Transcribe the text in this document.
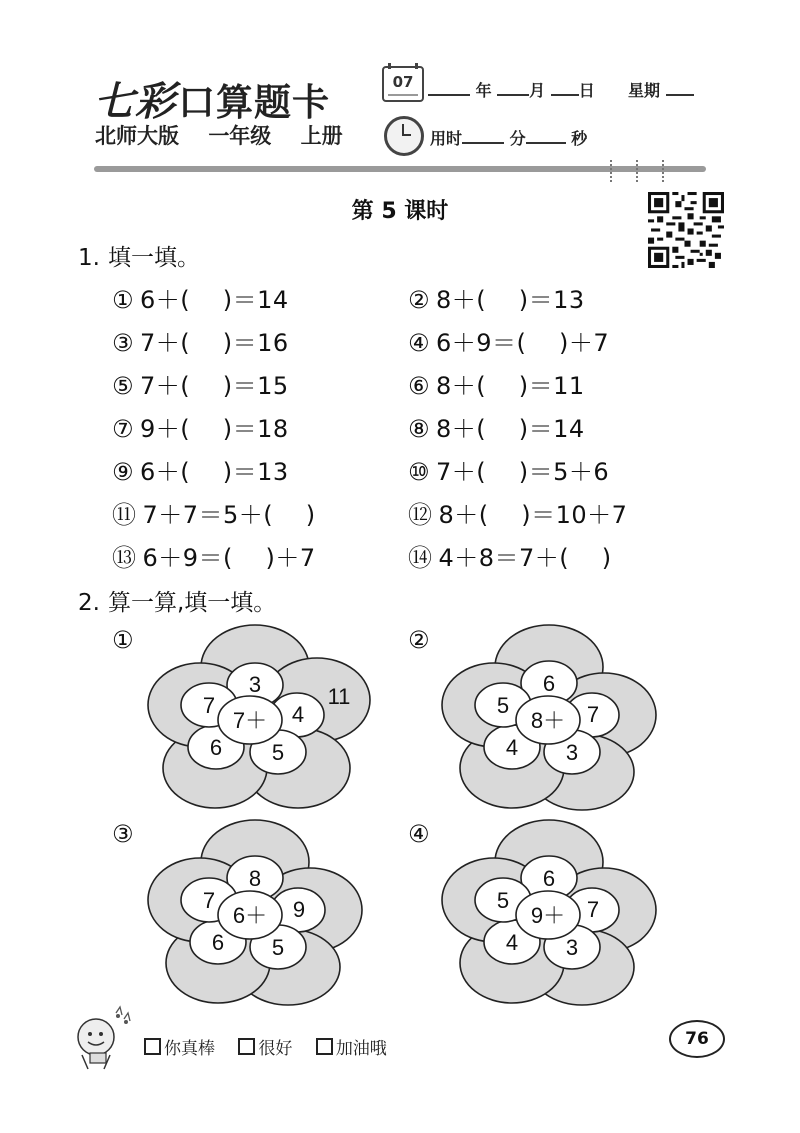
七彩口算题卡
北师大版 一年级 上册
07	年 月 日 星期
用时	分	秒
第 5 课时
1. 填一填。
① 6＋(　 )＝14	② 8＋(　 )＝13
③ 7＋(　 )＝16	④ 6＋9＝(　 )＋7
⑤ 7＋(　 )＝15	⑥ 8＋(　 )＝11
⑦ 9＋(　 )＝18	⑧ 8＋(　 )＝14
⑨ 6＋(　 )＝13	⑩ 7＋(　 )＝5＋6
⑪ 7＋7＝5＋(　 )	⑫ 8＋(　 )＝10＋7
⑬ 6＋9＝(　 )＋7	⑭ 4＋8＝7＋(　 )
2. 算一算,填一填。
①	②
③	④
3
4
5
6
7
7＋
11
6
7
3
4
5
8＋
8
9
5
6
7
6＋
6
7
3
4
5
9＋
你真棒	很好	加油哦	76
